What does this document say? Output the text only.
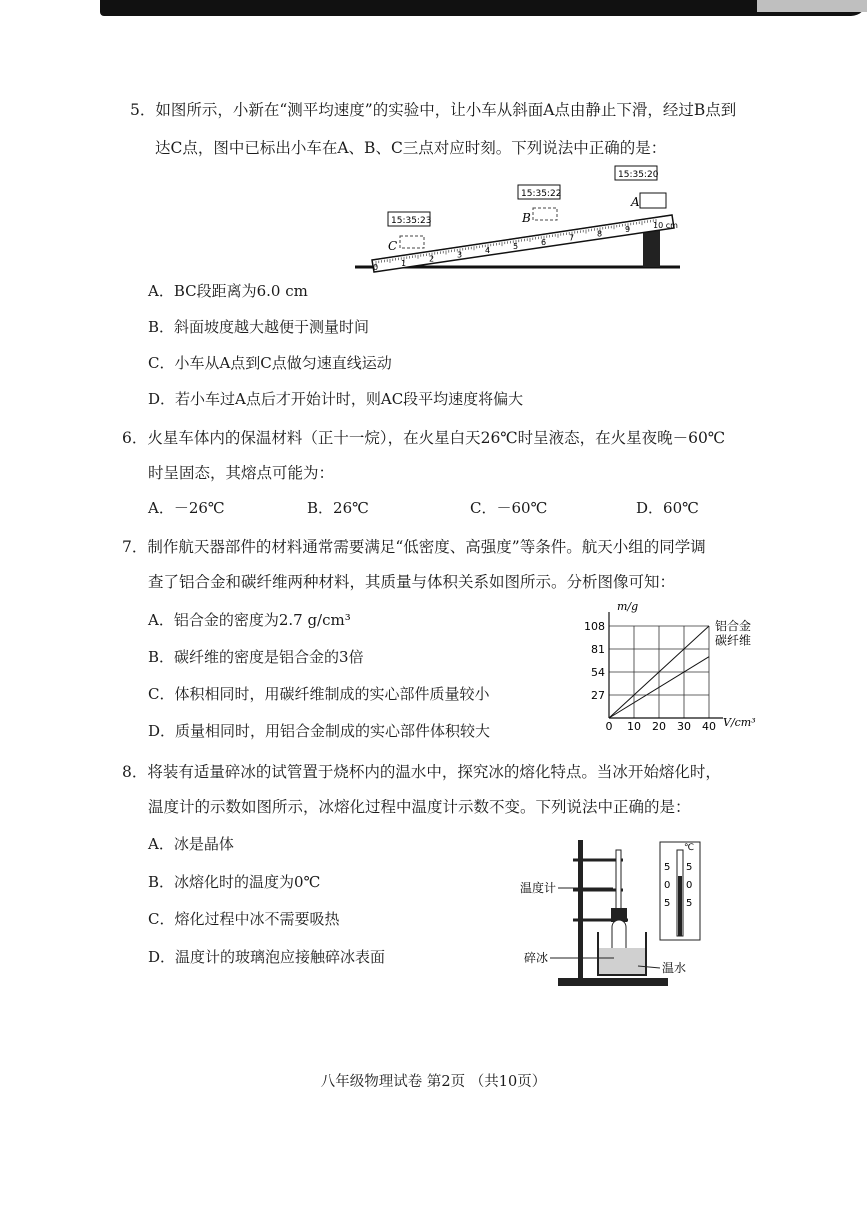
5．如图所示，小新在“测平均速度”的实验中，让小车从斜面A点由静止下滑，经过B点到
达C点，图中已标出小车在A、B、C三点对应时刻。下列说法中正确的是：
0	1	2	3	4	5	6	7	8	9	10 cm
C
15:35:23	B
15:35:22
A
15:35:20
A．BC段距离为6.0 cm
B．斜面坡度越大越便于测量时间
C．小车从A点到C点做匀速直线运动
D．若小车过A点后才开始计时，则AC段平均速度将偏大
6．火星车体内的保温材料（正十一烷），在火星白天26℃时呈液态，在火星夜晚－60℃
时呈固态，其熔点可能为：
A．－26℃	B．26℃	C．－60℃	D．60℃
7．制作航天器部件的材料通常需要满足“低密度、高强度”等条件。航天小组的同学调
查了铝合金和碳纤维两种材料，其质量与体积关系如图所示。分析图像可知：
A．铝合金的密度为2.7 g/cm³
B．碳纤维的密度是铝合金的3倍
C．体积相同时，用碳纤维制成的实心部件质量较小
D．质量相同时，用铝合金制成的实心部件体积较大
铝合金
碳纤维
27
54
81
108
0 10 20 30 40
m/g
V/cm³
8．将装有适量碎冰的试管置于烧杯内的温水中，探究冰的熔化特点。当冰开始熔化时，
温度计的示数如图所示，冰熔化过程中温度计示数不变。下列说法中正确的是：
A．冰是晶体
B．冰熔化时的温度为0℃
C．熔化过程中冰不需要吸热
D．温度计的玻璃泡应接触碎冰表面
℃
5
0
5
5
0
5
温度计
碎冰
温水
八年级物理试卷 第2页 （共10页）
